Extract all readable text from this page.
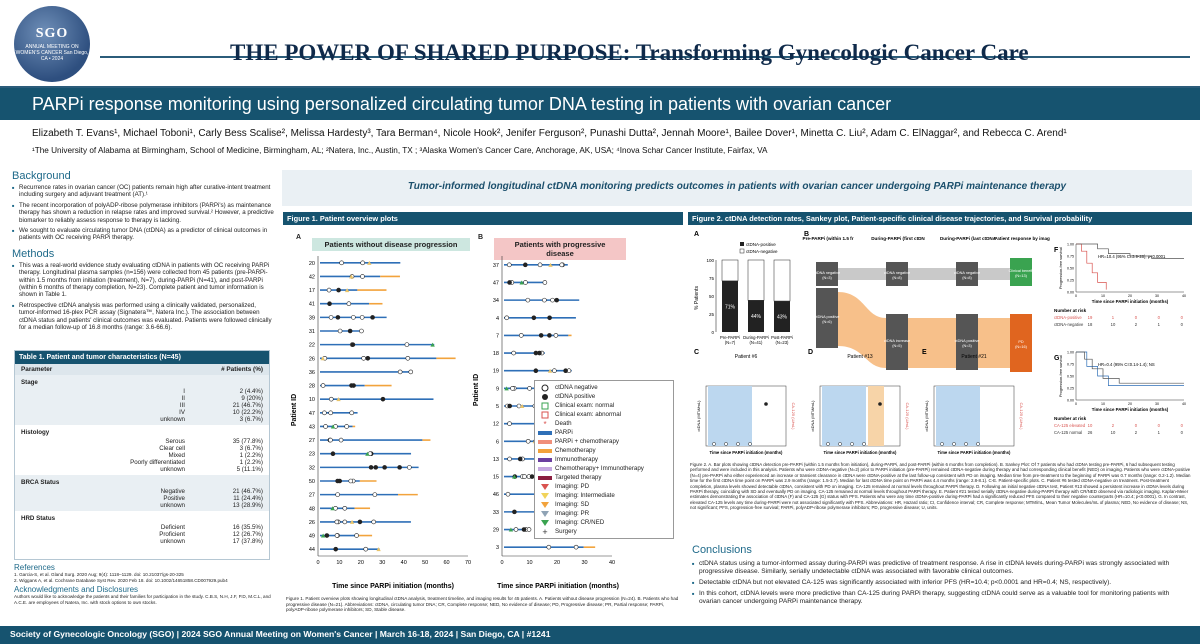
SGO
ANNUAL MEETING ON WOMEN'S CANCER San Diego, CA • 2024	THE POWER OF SHARED PURPOSE: Transforming Gynecologic Cancer Care
PARPi response monitoring using personalized circulating tumor DNA testing in patients with ovarian cancer
Elizabeth T. Evans¹, Michael Toboni¹, Carly Bess Scalise², Melissa Hardesty³, Tara Berman⁴, Nicole Hook², Jenifer Ferguson², Punashi Dutta², Jennah Moore¹, Bailee Dover¹, Minetta C. Liu², Adam C. ElNaggar², and Rebecca C. Arend¹
¹The University of Alabama at Birmingham, School of Medicine, Birmingham, AL; ²Natera, Inc., Austin, TX ; ³Alaska Women's Cancer Care, Anchorage, AK, USA; ⁴Inova Schar Cancer Institute, Fairfax, VA
Background
■ Recurrence rates in ovarian cancer (OC) patients remain high after curative-intent treatment including surgery and adjuvant treatment (AT).¹
■ The recent incorporation of polyADP-ribose polymerase inhibitors (PARPi's) as maintenance therapy has shown a reduction in relapse rates and improved survival.² However, a predictive biomarker to reliably assess response to therapy is lacking.
■ We sought to evaluate circulating tumor DNA (ctDNA) as a predictor of clinical outcomes in patients with OC receiving PARPi therapy.
Methods
■ This was a real-world evidence study evaluating ctDNA in patients with OC receiving PARPi therapy. Longitudinal plasma samples (n=156) were collected from 45 patients (pre-PARPi-within 1.5 months from initiation (treatment), N=7), during-PARPi (N=41), and post-PARPi (within 6 months of therapy completion, N=23). Complete patient and tumor information is shown in Table 1.
■ Retrospective ctDNA analysis was performed using a clinically validated, personalized, tumor-informed 16-plex PCR assay (Signatera™, Natera Inc.). The association between ctDNA status and patients' clinical outcomes was evaluated. Patients were followed clinically for a median follow-up of 16.8 months (range: 3.6-66.6).
Table 1. Patient and tumor characteristics (N=45)
Parameter	# Patients (%)
Stage
I	2 (4.4%)
II	9 (20%)
III	21 (46.7%)
IV	10 (22.2%)
unknown	3 (6.7%)
Histology
Serous	35 (77.8%)
Clear cell	3 (6.7%)
Mixed	1 (2.2%)
Poorly differentiated	1 (2.2%)
unknown	5 (11.1%)
BRCA Status
Negative	21 (46.7%)
Positive	11 (24.4%)
unknown	13 (28.9%)
HRD Status
Deficient	16 (35.5%)
Proficient	12 (26.7%)
unknown	17 (37.8%)
References
1. Garcia-S, et al. Gland Surg. 2020 Aug; 9(4): 1118–1129. doi: 10.21037/gs-20-325
2. Wiggans A, et al. Cochrane Database Syst Rev. 2020 Feb 18. doi: 10.1002/14651858.CD007929.pub4
Acknowledgments and Disclosures
Authors would like to acknowledge the patients and their families for participation in the study. C.B.S, N.H, J.F, P.D, M.C.L, and A.C.E. are employees of Natera, Inc. with stock options to own stocks.
Tumor-informed longitudinal ctDNA monitoring predicts outcomes in patients with ovarian cancer undergoing PARPi maintenance therapy
Figure 1. Patient overview plots
A	B
Patients without disease progression	Patients with progressive disease
0	10	20	30	40	50	60	70
20
42
17
41
39
31
22
26
36
28
10
47
43
27
23
32
50
27
48
26
49
44
0	10	20	30	40
37
47
34
4
7
18
19
9
5
12
6
13
15
46
33
29
3
Patient ID
Patient ID
Time since PARPi initiation (months)	Time since PARPi initiation (months)
ctDNA negative
ctDNA positive
Clinical exam: normal
Clinical exam: abnormal
* Death
PARPi
PARPi + chemotherapy
Chemotherapy
Immunotherapy
Chemotherapy+ Immunotherapy
Targeted therapy
Imaging: PD
Imaging: Intermediate
Imaging: SD
Imaging: PR
Imaging: CR/NED
+ Surgery
Figure 1. Patient overview plots showing longitudinal ctDNA analysis, treatment timeline, and imaging results for 45 patients. A. Patients without disease progression (N=24). B. Patients who had progressive disease (N=21). Abbreviations: ctDNA, circulating tumor DNA; CR, Complete response; NED, No evidence of disease; PD, Progressive disease; PR, Partial response; PARPi, polyADP-ribose polymerase inhibitors; SD, Stable disease.
Figure 2. ctDNA detection rates, Sankey plot, Patient-specific clinical disease trajectories, and Survival probability
A
0
25
50
75
100
% Patients	71%
Pre-PARPi
(N=7)
44%
During-PARPi
(N=41)
43%
Post-PARPi
(N=23)
ctDNA-positive
ctDNA-negative
B
Pre-PARPi (within 1.5 fr	During-PARPi (first ctDN	During-PARPi (last ctDNA
Patient response by imag
ctDNA negative
(N=3)
ctDNA negative
(N=8)
ctDNA negative
(N=8)
Clinical benefit
(N=13)
ctDNA positive
(N=6)
ctDNA increase
(N=5)
ctDNA positive
(N=3)
PD
(N=16)
F
0.00
0.25
0.50
0.75
1.00
0	10	20	30	40
Progression-free survival
Time since PARPi initiation (months)
HR=10.4 (95% CI:3.9-28); p<0.0001
Number at risk
ctDNA-positive 19	1	0	0	0
ctDNA-negative 18	10	2	1	0
G
0.00
0.25
0.50
0.75
1.00
0	10	20	30	40
Progression-free survival
Time since PARPi initiation (months)
HR=0.4 (95% CI:0.14-1.4); NS
Number at risk
CA-125 elevated 10	2	0	0	0
CA-125 normal 26	10	2	1	0
C
Patient #6
Time since PARPi initiation (months)
ctDNA (MTM/mL)	CA-125 (U/mL)
D
Patient #13
Time since PARPi initiation (months)
ctDNA (MTM/mL)	CA-125 (U/mL)
E
Patient #21
Time since PARPi initiation (months)
ctDNA (MTM/mL)	CA-125 (U/mL)
Figure 2. A. Bar plots showing ctDNA detection pre-PARPi (within 1.5 months from initiation), during-PARPi, and post-PARPi (within 6 months from completion). B. Sankey Plot: Of 7 patients who had ctDNA testing pre-PARPi, 6 had subsequent testing performed and were included in this analysis. Patients who were ctDNA-negative (N=2) prior to PARPi initiation (pre-PARPi) remained ctDNA-negative during therapy and had corresponding clinical benefit (NED) on imaging. Patients who were ctDNA-positive (N=4) pre-PARPi who either experienced an increase or transient clearance in ctDNA were ctDNA-positive at the last follow-up consistent with PD on imaging. Median time from pre-treatment to the beginning of PARPi was 0.7 months (range: 0.2-1.2). Median time for the first ctDNA time point on PARPi was 2.9 months (range: 1.5-3.7). Median for last ctDNA time point on PARPi was 4.4 months (range: 2.8-8.1). C-E. Patient-specific plots. C. Patient #6 tested ctDNA-negative on treatment. Post-treatment completion, plasma levels showed detectable ctDNA, consistent with PD on imaging. CA-125 remained at normal levels throughout PARPi therapy. D. Following an initial negative ctDNA test, Patient #13 showed a persistent increase in ctDNA levels during PARPi therapy, coinciding with SD and eventually PD on imaging. CA-125 remained at normal levels throughout PARPi therapy. E. Patient #21 tested serially ctDNA-negative during-PARPi therapy with CR/NED observed via radiologic imaging. Kaplan-Meier estimates demonstrating the association of ctDNA (F) and CA-125 (G) status with PFS. Patients who were any time ctDNA-positive during-PARPi had a significantly reduced PFS compared to their negative counterparts (HR=10.4; p<0.0001). G. In contrast, elevated CA-125 levels any time during-PARPi were not associated significantly with PFS. Abbreviations: HR, Hazard ratio; CI, Confidence interval; CR, Complete response; MTM/mL, Mean Tumor Molecules/mL of plasma; NED, No evidence of disease; NS, not significant; PFS, progression-free survival; PARPi, polyADP-ribose polymerase inhibitors; PD, progressive disease; U, units.
Conclusions
■ ctDNA status using a tumor-informed assay during-PARPi was predictive of treatment response. A rise in ctDNA levels during-PARPi was strongly associated with progressive disease. Similarly, serially undetectable ctDNA was associated with favorable clinical outcomes.
■ Detectable ctDNA but not elevated CA-125 was significantly associated with inferior PFS (HR=10.4; p<0.0001 and HR=0.4; NS, respectively).
■ In this cohort, ctDNA levels were more predictive than CA-125 during PARPi therapy, suggesting ctDNA could serve as a valuable tool for monitoring patients with ovarian cancer undergoing PARPi maintenance therapy.
Society of Gynecologic Oncology (SGO) | 2024 SGO Annual Meeting on Women's Cancer | March 16-18, 2024 | San Diego, CA | #1241
